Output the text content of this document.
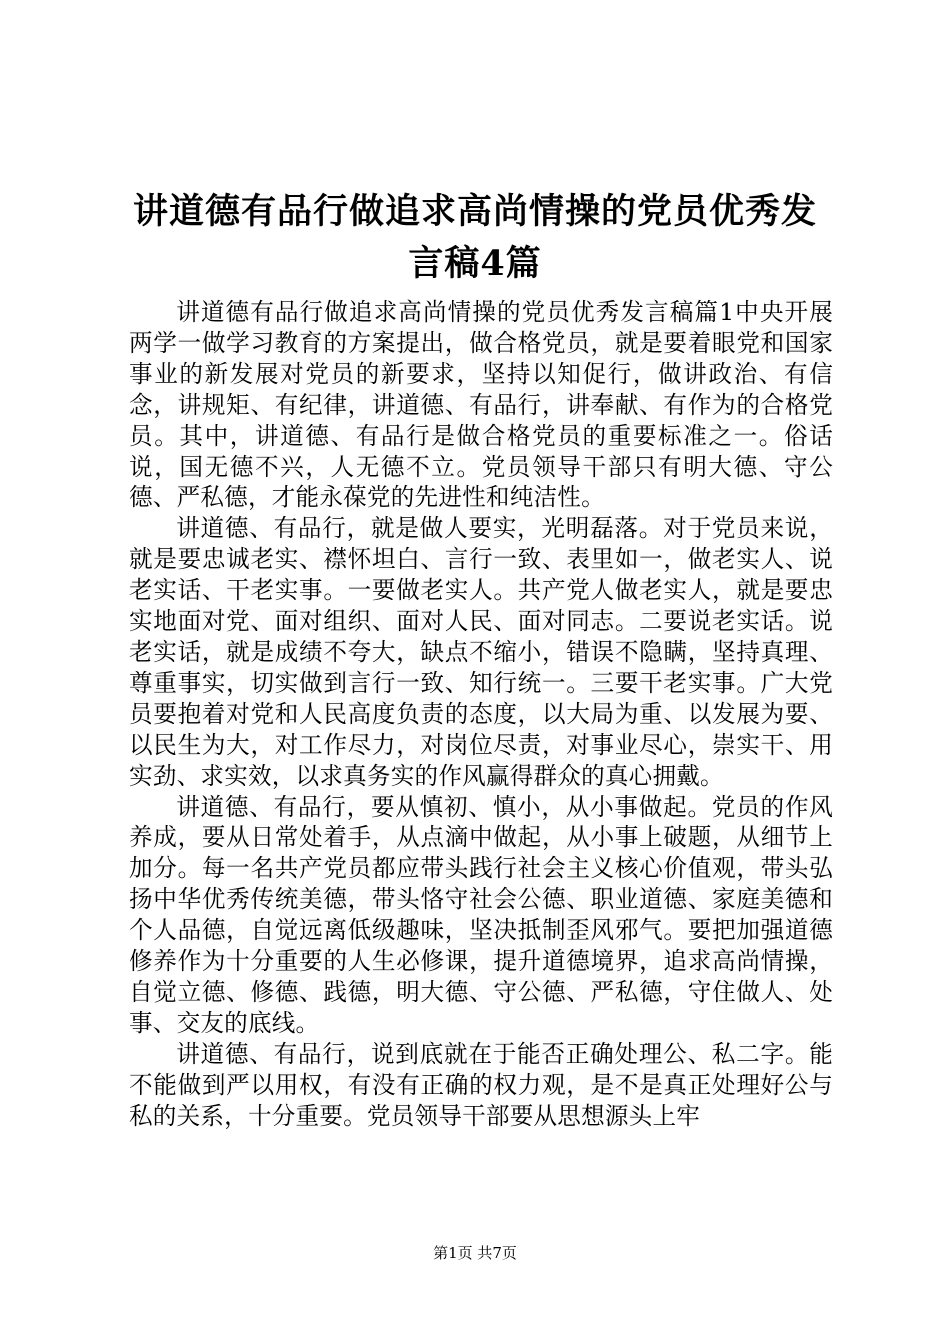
讲道德有品行做追求高尚情操的党员优秀发言稿4篇

讲道德有品行做追求高尚情操的党员优秀发言稿篇1中央开展两学一做学习教育的方案提出，做合格党员，就是要着眼党和国家事业的新发展对党员的新要求，坚持以知促行，做讲政治、有信念，讲规矩、有纪律，讲道德、有品行，讲奉献、有作为的合格党员。其中，讲道德、有品行是做合格党员的重要标准之一。俗话说，国无德不兴，人无德不立。党员领导干部只有明大德、守公德、严私德，才能永葆党的先进性和纯洁性。

讲道德、有品行，就是做人要实，光明磊落。对于党员来说，就是要忠诚老实、襟怀坦白、言行一致、表里如一，做老实人、说老实话、干老实事。一要做老实人。共产党人做老实人，就是要忠实地面对党、面对组织、面对人民、面对同志。二要说老实话。说老实话，就是成绩不夸大，缺点不缩小，错误不隐瞒，坚持真理、尊重事实，切实做到言行一致、知行统一。三要干老实事。广大党员要抱着对党和人民高度负责的态度，以大局为重、以发展为要、以民生为大，对工作尽力，对岗位尽责，对事业尽心，崇实干、用实劲、求实效，以求真务实的作风赢得群众的真心拥戴。

讲道德、有品行，要从慎初、慎小，从小事做起。党员的作风养成，要从日常处着手，从点滴中做起，从小事上破题，从细节上加分。每一名共产党员都应带头践行社会主义核心价值观，带头弘扬中华优秀传统美德，带头恪守社会公德、职业道德、家庭美德和个人品德，自觉远离低级趣味，坚决抵制歪风邪气。要把加强道德修养作为十分重要的人生必修课，提升道德境界，追求高尚情操，自觉立德、修德、践德，明大德、守公德、严私德，守住做人、处事、交友的底线。

讲道德、有品行，说到底就在于能否正确处理公、私二字。能不能做到严以用权，有没有正确的权力观，是不是真正处理好公与私的关系，十分重要。党员领导干部要从思想源头上牢

第1页 共7页
